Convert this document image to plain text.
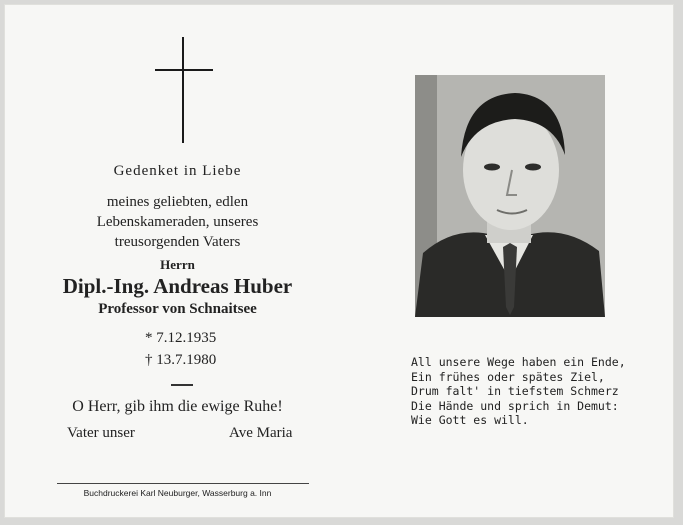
Gedenket in Liebe
meines geliebten, edlen
Lebenskameraden, unseres
treusorgenden Vaters
Herrn
Dipl.-Ing. Andreas Huber
Professor von Schnaitsee
* 7.12.1935
† 13.7.1980
O Herr, gib ihm die ewige Ruhe!
Vater unser	Ave Maria
Buchdruckerei Karl Neuburger, Wasserburg a. Inn
All unsere Wege haben ein Ende,
Ein frühes oder spätes Ziel,
Drum falt' in tiefstem Schmerz
Die Hände und sprich in Demut:
Wie Gott es will.
